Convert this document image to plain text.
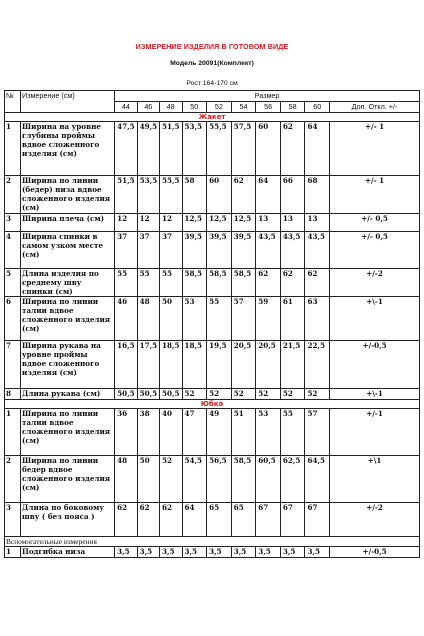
ИЗМЕРЕНИЕ ИЗДЕЛИЯ В ГОТОВОМ ВИДЕ
Модель 20091(Комплект)
Рост 164-170 см
№	Измерение (см)	Размер									
		44	46	48	50	52	54	56	58	60	Доп. Откл. +/-
Жакет											
1	Ширина на уровне глубины проймы вдвое сложенного изделия (см)	47,5	49,5	51,5	53,5	55,5	57,5	60	62	64	+/- 1
2	Ширина по линии (бедер) низа вдвое сложенного изделия (см)	51,5	53,5	55,5	58	60	62	64	66	68	+/- 1
3	Ширина плеча (см)	12	12	12	12,5	12,5	12,5	13	13	13	+/- 0,5
4	Ширина спинки в самом узком месте (см)	37	37	37	39,5	39,5	39,5	43,5	43,5	43,5	+/- 0,5
5	Длина изделия по среднему шву спинки (см)	55	55	55	58,5	58,5	58,5	62	62	62	+/-2
6	Ширина по линии талии вдвое сложенного изделия (см)	46	48	50	53	55	57	59	61	63	+\-1
7	Ширина рукава на уровне проймы вдвое сложенного изделия (см)	16,5	17,5	18,5	18,5	19,5	20,5	20,5	21,5	22,5	+/-0,5
8	Длина рукава (см)	50,5	50,5	50,5	52	52	52	52	52	52	+\-1
Юбка											
1	Ширина по линии талии вдвое сложенного изделия (см)	36	38	40	47	49	51	53	55	57	+/-1
2	Ширина по линии бедер вдвое сложенного изделия (см)	48	50	52	54,5	56,5	58,5	60,5	62,5	64,5	+\1
3	Длина по боковому шву ( без пояса )	62	62	62	64	65	65	67	67	67	+/-2
Вспомогательные измерения											
1	Подгибка низа	3,5	3,5	3,5	3,5	3,5	3,5	3,5	3,5	3,5	+/-0,5
